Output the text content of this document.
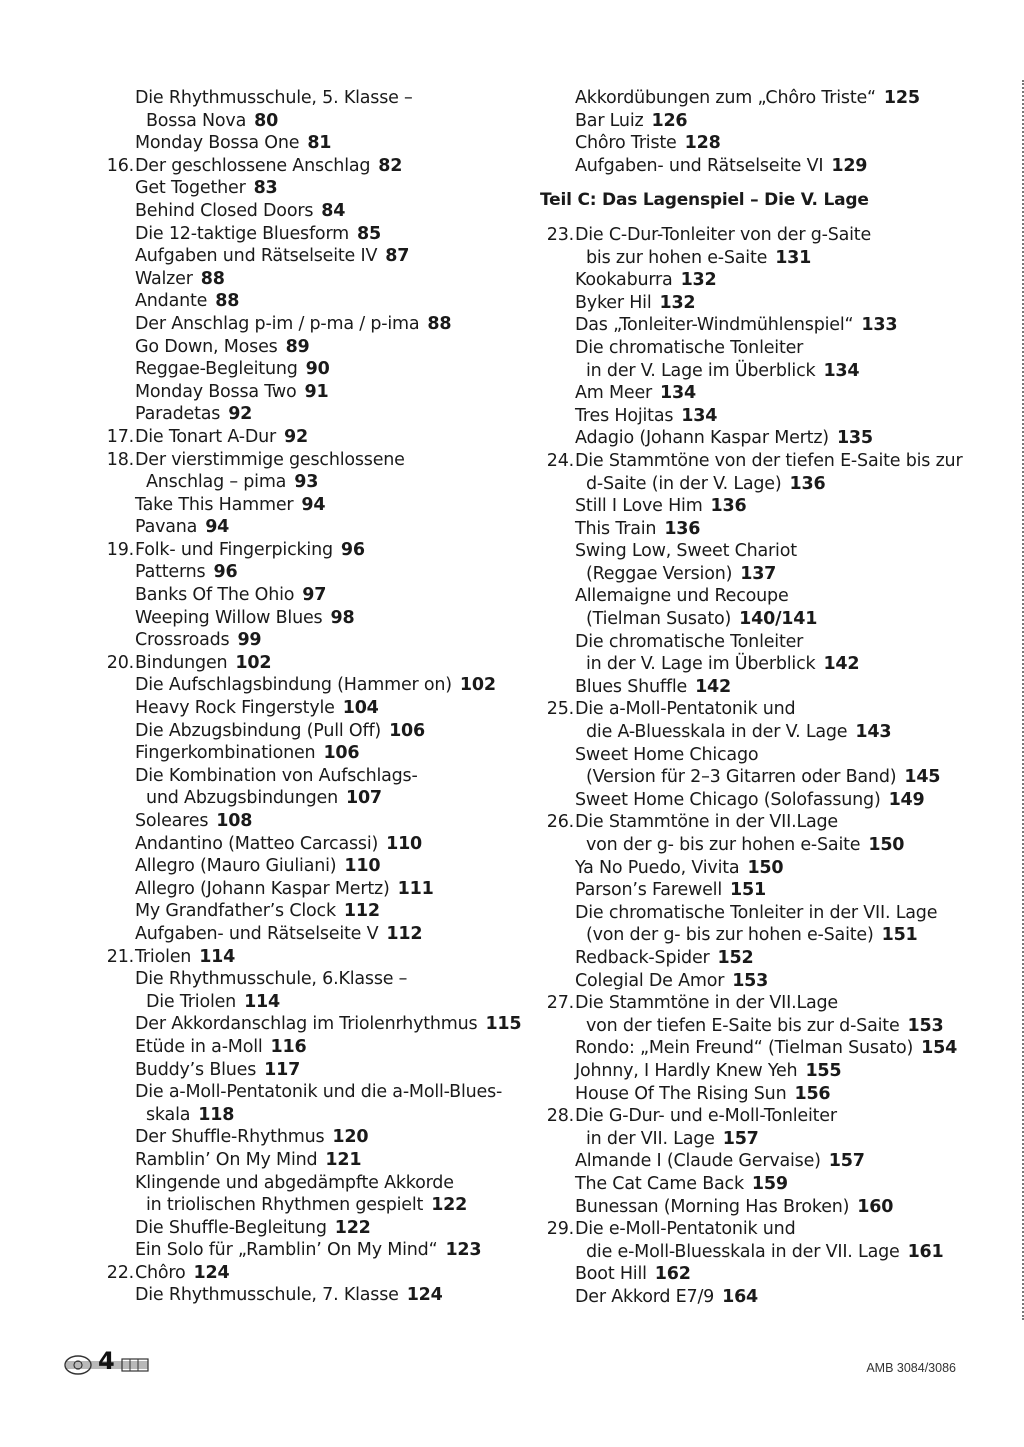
Die Rhythmusschule, 5. Klasse –
Bossa Nova 80
Monday Bossa One 81
16. Der geschlossene Anschlag 82
Get Together 83
Behind Closed Doors 84
Die 12-taktige Bluesform 85
Aufgaben und Rätselseite IV 87
Walzer 88
Andante 88
Der Anschlag p-im / p-ma / p-ima 88
Go Down, Moses 89
Reggae-Begleitung 90
Monday Bossa Two 91
Paradetas 92
17. Die Tonart A-Dur 92
18. Der vierstimmige geschlossene
Anschlag – pima 93
Take This Hammer 94
Pavana 94
19. Folk- und Fingerpicking 96
Patterns 96
Banks Of The Ohio 97
Weeping Willow Blues 98
Crossroads 99
20. Bindungen 102
Die Aufschlagsbindung (Hammer on) 102
Heavy Rock Fingerstyle 104
Die Abzugsbindung (Pull Off) 106
Fingerkombinationen 106
Die Kombination von Aufschlags-
und Abzugsbindungen 107
Soleares 108
Andantino (Matteo Carcassi) 110
Allegro (Mauro Giuliani) 110
Allegro (Johann Kaspar Mertz) 111
My Grandfather’s Clock 112
Aufgaben- und Rätselseite V 112
21. Triolen 114
Die Rhythmusschule, 6.Klasse –
Die Triolen 114
Der Akkordanschlag im Triolenrhythmus 115
Etüde in a-Moll 116
Buddy’s Blues 117
Die a-Moll-Pentatonik und die a-Moll-Blues-
skala 118
Der Shuffle-Rhythmus 120
Ramblin’ On My Mind 121
Klingende und abgedämpfte Akkorde
in triolischen Rhythmen gespielt 122
Die Shuffle-Begleitung 122
Ein Solo für „Ramblin’ On My Mind“ 123
22. Chôro 124
Die Rhythmusschule, 7. Klasse 124
Akkordübungen zum „Chôro Triste“ 125
Bar Luiz 126
Chôro Triste 128
Aufgaben- und Rätselseite VI 129
Teil C: Das Lagenspiel – Die V. Lage
23. Die C-Dur-Tonleiter von der g-Saite
bis zur hohen e-Saite 131
Kookaburra 132
Byker Hil 132
Das „Tonleiter-Windmühlenspiel“ 133
Die chromatische Tonleiter
in der V. Lage im Überblick 134
Am Meer 134
Tres Hojitas 134
Adagio (Johann Kaspar Mertz) 135
24. Die Stammtöne von der tiefen E-Saite bis zur
d-Saite (in der V. Lage) 136
Still I Love Him 136
This Train 136
Swing Low, Sweet Chariot
(Reggae Version) 137
Allemaigne und Recoupe
(Tielman Susato) 140/141
Die chromatische Tonleiter
in der V. Lage im Überblick 142
Blues Shuffle 142
25. Die a-Moll-Pentatonik und
die A-Bluesskala in der V. Lage 143
Sweet Home Chicago
(Version für 2–3 Gitarren oder Band) 145
Sweet Home Chicago (Solofassung) 149
26. Die Stammtöne in der VII.Lage
von der g- bis zur hohen e-Saite 150
Ya No Puedo, Vivita 150
Parson’s Farewell 151
Die chromatische Tonleiter in der VII. Lage
(von der g- bis zur hohen e-Saite) 151
Redback-Spider 152
Colegial De Amor 153
27. Die Stammtöne in der VII.Lage
von der tiefen E-Saite bis zur d-Saite 153
Rondo: „Mein Freund“ (Tielman Susato) 154
Johnny, I Hardly Knew Yeh 155
House Of The Rising Sun 156
28. Die G-Dur- und e-Moll-Tonleiter
in der VII. Lage 157
Almande I (Claude Gervaise) 157
The Cat Came Back 159
Bunessan (Morning Has Broken) 160
29. Die e-Moll-Pentatonik und
die e-Moll-Bluesskala in der VII. Lage 161
Boot Hill 162
Der Akkord E7/9 164
4	AMB 3084/3086
